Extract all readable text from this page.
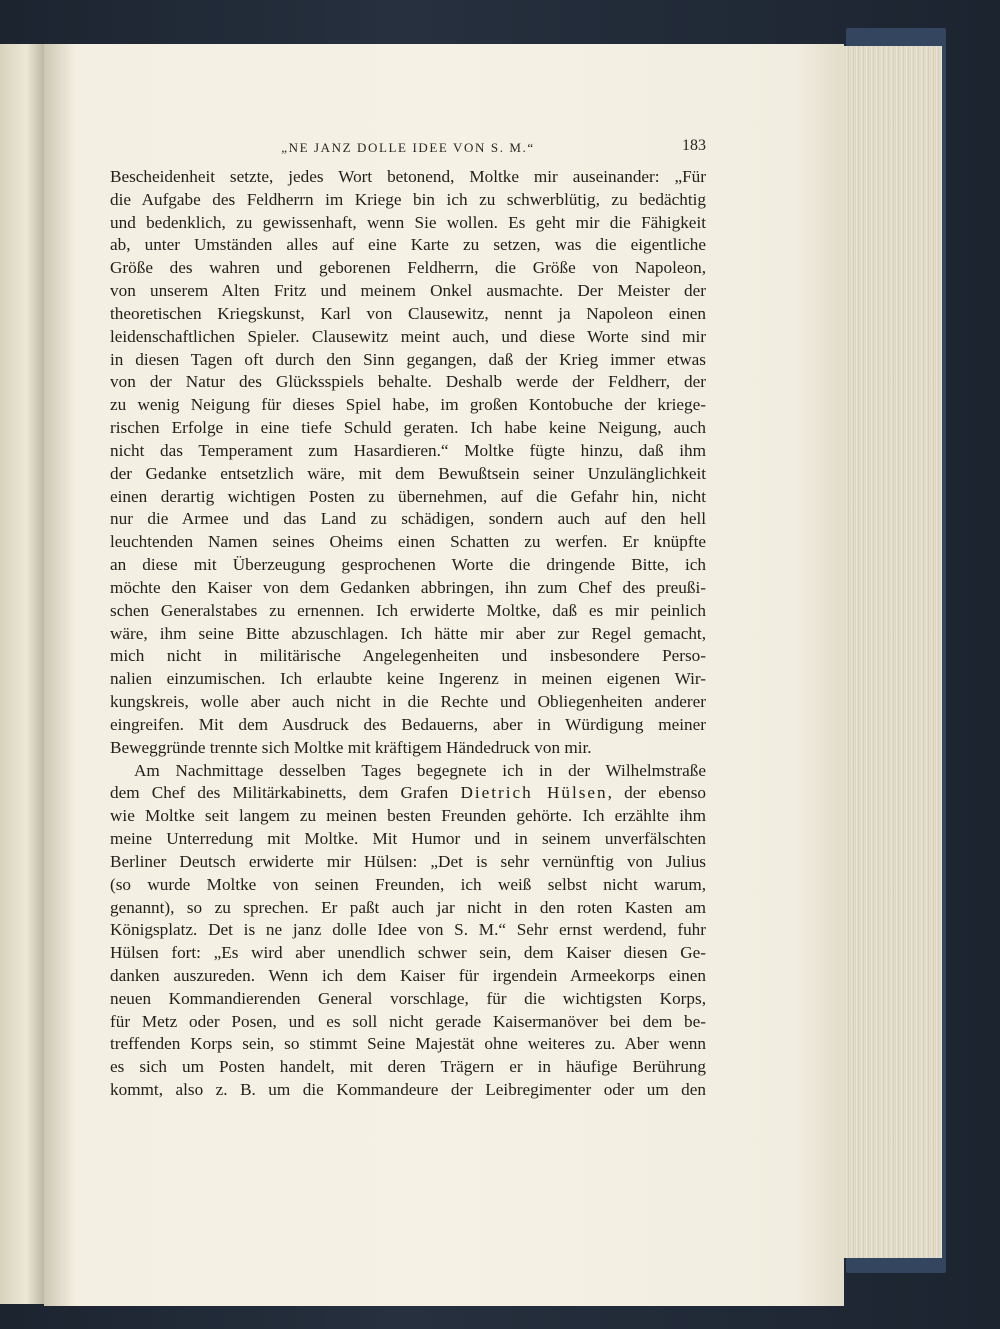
„NE JANZ DOLLE IDEE VON S. M.“	183
Bescheidenheit setzte, jedes Wort betonend, Moltke mir auseinander: „Für
die Aufgabe des Feldherrn im Kriege bin ich zu schwerblütig, zu bedächtig
und bedenklich, zu gewissenhaft, wenn Sie wollen. Es geht mir die Fähigkeit
ab, unter Umständen alles auf eine Karte zu setzen, was die eigentliche
Größe des wahren und geborenen Feldherrn, die Größe von Napoleon,
von unserem Alten Fritz und meinem Onkel ausmachte. Der Meister der
theoretischen Kriegskunst, Karl von Clausewitz, nennt ja Napoleon einen
leidenschaftlichen Spieler. Clausewitz meint auch, und diese Worte sind mir
in diesen Tagen oft durch den Sinn gegangen, daß der Krieg immer etwas
von der Natur des Glücksspiels behalte. Deshalb werde der Feldherr, der
zu wenig Neigung für dieses Spiel habe, im großen Kontobuche der kriege-
rischen Erfolge in eine tiefe Schuld geraten. Ich habe keine Neigung, auch
nicht das Temperament zum Hasardieren.“ Moltke fügte hinzu, daß ihm
der Gedanke entsetzlich wäre, mit dem Bewußtsein seiner Unzulänglichkeit
einen derartig wichtigen Posten zu übernehmen, auf die Gefahr hin, nicht
nur die Armee und das Land zu schädigen, sondern auch auf den hell
leuchtenden Namen seines Oheims einen Schatten zu werfen. Er knüpfte
an diese mit Überzeugung gesprochenen Worte die dringende Bitte, ich
möchte den Kaiser von dem Gedanken abbringen, ihn zum Chef des preußi-
schen Generalstabes zu ernennen. Ich erwiderte Moltke, daß es mir peinlich
wäre, ihm seine Bitte abzuschlagen. Ich hätte mir aber zur Regel gemacht,
mich nicht in militärische Angelegenheiten und insbesondere Perso-
nalien einzumischen. Ich erlaubte keine Ingerenz in meinen eigenen Wir-
kungskreis, wolle aber auch nicht in die Rechte und Obliegenheiten anderer
eingreifen. Mit dem Ausdruck des Bedauerns, aber in Würdigung meiner
Beweggründe trennte sich Moltke mit kräftigem Händedruck von mir.
Am Nachmittage desselben Tages begegnete ich in der Wilhelmstraße
dem Chef des Militärkabinetts, dem Grafen Dietrich Hülsen, der ebenso
wie Moltke seit langem zu meinen besten Freunden gehörte. Ich erzählte ihm
meine Unterredung mit Moltke. Mit Humor und in seinem unverfälschten
Berliner Deutsch erwiderte mir Hülsen: „Det is sehr vernünftig von Julius
(so wurde Moltke von seinen Freunden, ich weiß selbst nicht warum,
genannt), so zu sprechen. Er paßt auch jar nicht in den roten Kasten am
Königsplatz. Det is ne janz dolle Idee von S. M.“ Sehr ernst werdend, fuhr
Hülsen fort: „Es wird aber unendlich schwer sein, dem Kaiser diesen Ge-
danken auszureden. Wenn ich dem Kaiser für irgendein Armeekorps einen
neuen Kommandierenden General vorschlage, für die wichtigsten Korps,
für Metz oder Posen, und es soll nicht gerade Kaisermanöver bei dem be-
treffenden Korps sein, so stimmt Seine Majestät ohne weiteres zu. Aber wenn
es sich um Posten handelt, mit deren Trägern er in häufige Berührung
kommt, also z. B. um die Kommandeure der Leibregimenter oder um den
